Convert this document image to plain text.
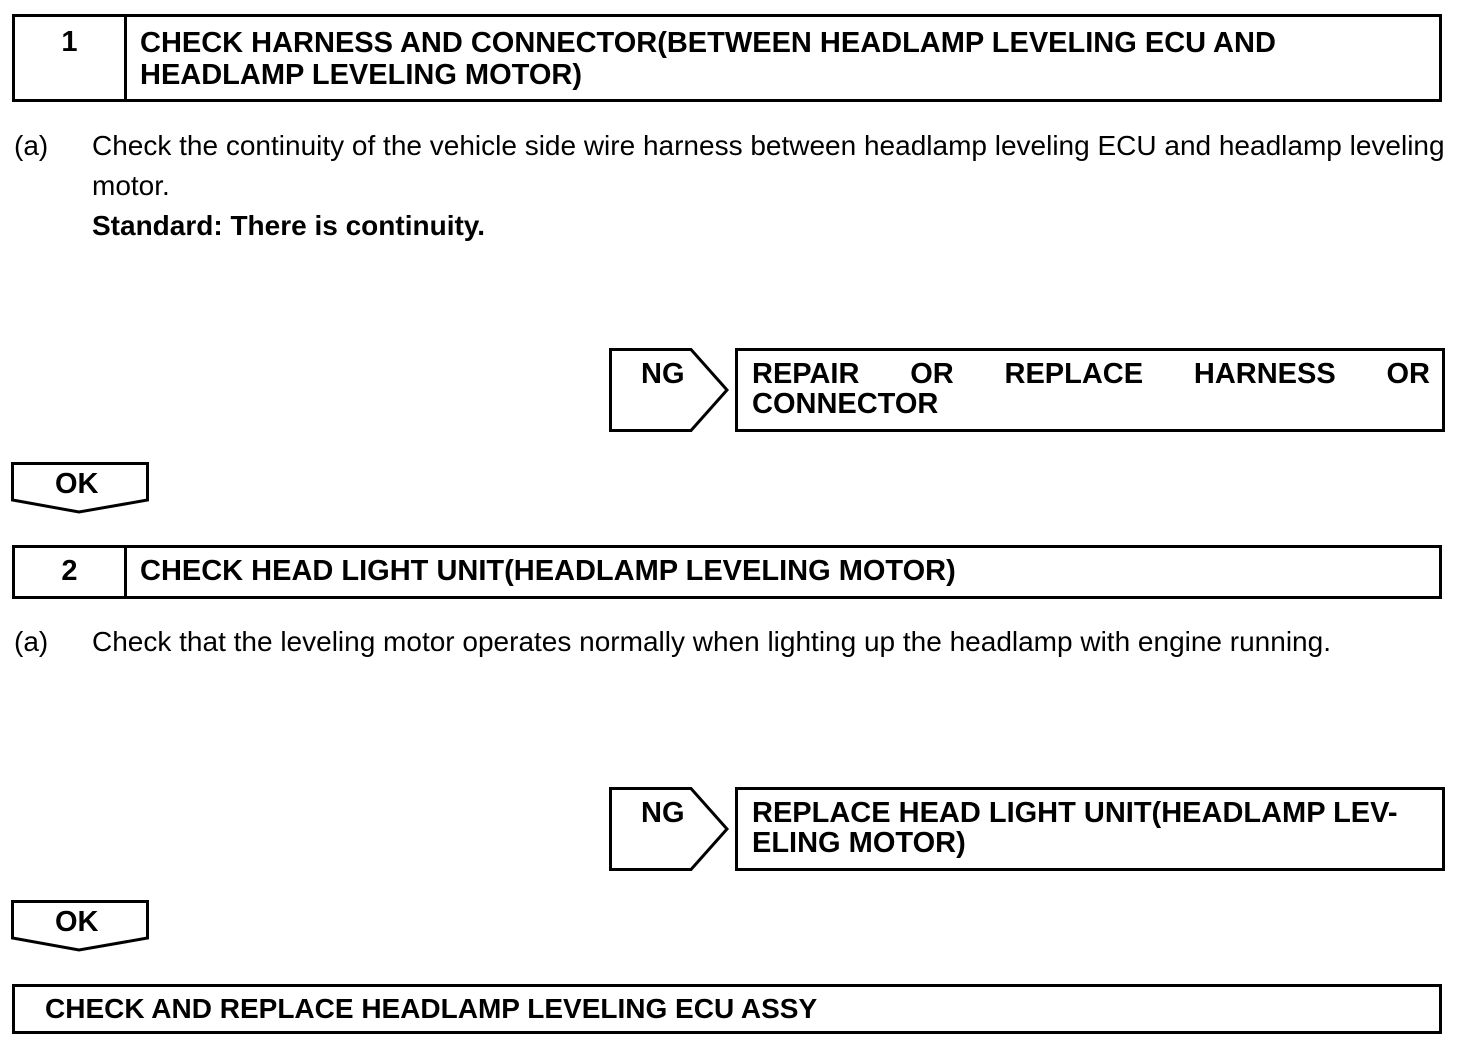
1	CHECK HARNESS AND CONNECTOR(BETWEEN HEADLAMP LEVELING ECU AND HEADLAMP LEVELING MOTOR)
(a) Check the continuity of the vehicle side wire harness between headlamp leveling ECU and headlamp leveling motor.
Standard: There is continuity.
NG REPAIR OR REPLACE HARNESS OR
CONNECTOR
OK
2	CHECK HEAD LIGHT UNIT(HEADLAMP LEVELING MOTOR)
(a) Check that the leveling motor operates normally when lighting up the headlamp with engine running.
NG REPLACE HEAD LIGHT UNIT(HEADLAMP LEV-
ELING MOTOR)
OK
CHECK AND REPLACE HEADLAMP LEVELING ECU ASSY
